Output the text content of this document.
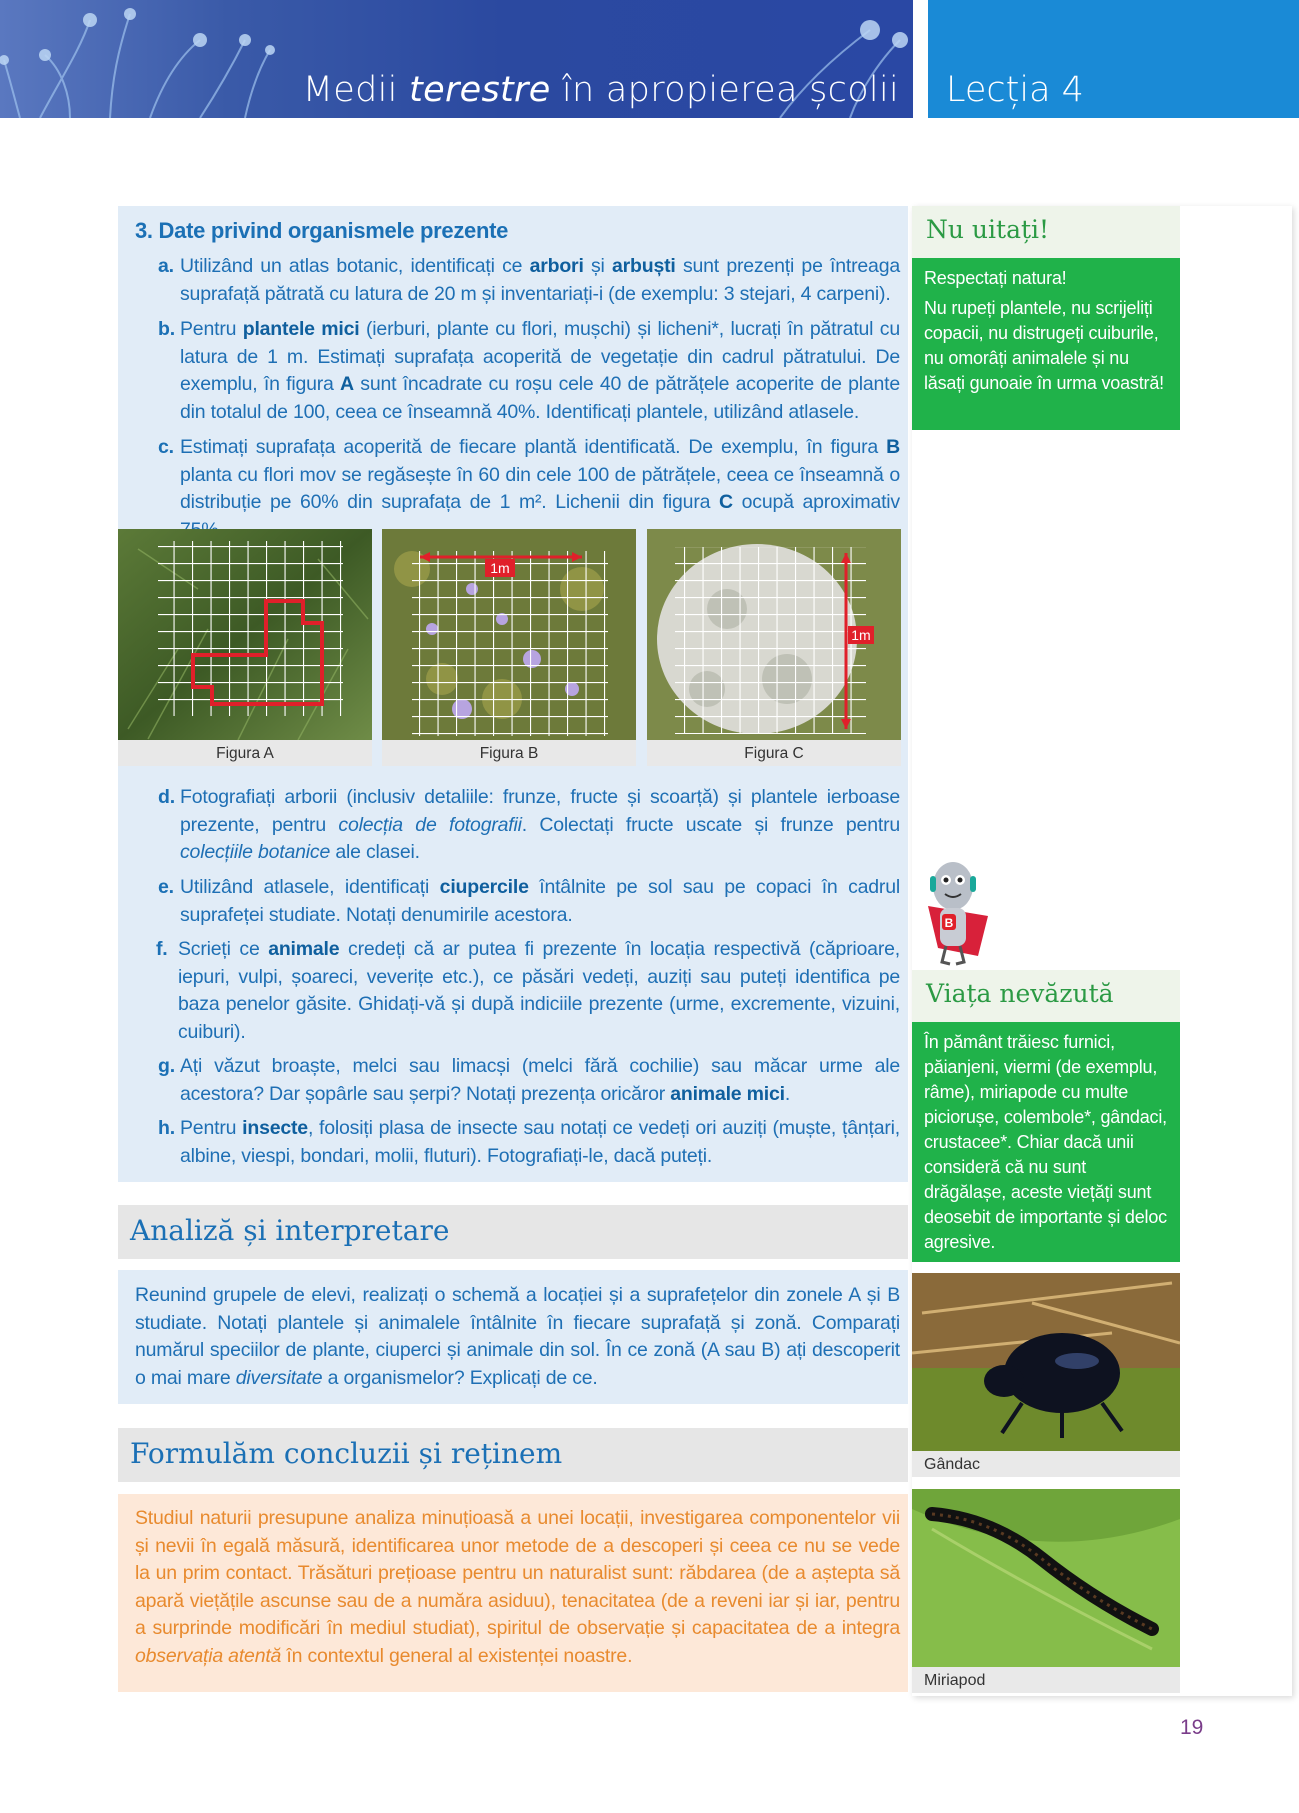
Medii terestre în apropierea școlii	Lecția 4
3. Date privind organismele prezente
a. Utilizând un atlas botanic, identificați ce arbori și arbuști sunt prezenți pe întreaga suprafață pătrată cu latura de 20 m și inventariați-i (de exemplu: 3 stejari, 4 carpeni).
b. Pentru plantele mici (ierburi, plante cu flori, mușchi) și licheni*, lucrați în pătratul cu latura de 1 m. Estimați suprafața acoperită de vegetație din cadrul pătratului. De exemplu, în figura A sunt încadrate cu roșu cele 40 de pătrățele acoperite de plante din totalul de 100, ceea ce înseamnă 40%. Identificați plantele, utilizând atlasele.
c. Estimați suprafața acoperită de fiecare plantă identificată. De exemplu, în figura B planta cu flori mov se regăsește în 60 din cele 100 de pătrățele, ceea ce înseamnă o distribuție pe 60% din suprafața de 1 m². Lichenii din figura C ocupă aproximativ
1m
1m
Figura A	Figura B	Figura C
d. Fotografiați arborii (inclusiv detaliile: frunze, fructe și scoarță) și plantele ierboase prezente, pentru colecția de fotografii. Colectați fructe uscate și frunze pentru colecțiile botanice ale clasei.
e. Utilizând atlasele, identificați ciupercile întâlnite pe sol sau pe copaci în cadrul suprafeței studiate. Notați denumirile acestora.
f. Scrieți ce animale credeți că ar putea fi prezente în locația respectivă (căprioare, iepuri, vulpi, șoareci, veverițe etc.), ce păsări vedeți, auziți sau puteți identifica pe baza penelor găsite. Ghidați-vă și după indiciile prezente (urme, excremente, vizuini, cuiburi).
g. Ați văzut broaște, melci sau limacși (melci fără cochilie) sau măcar urme ale acestora? Dar șopârle sau șerpi? Notați prezența oricăror animale mici.
h. Pentru insecte, folosiți plasa de insecte sau notați ce vedeți ori auziți (muște, țânțari, albine, viespi, bondari, molii, fluturi). Fotografiați-le, dacă puteți.
Analiză și interpretare
Reunind grupele de elevi, realizați o schemă a locației și a suprafețelor din zonele A și B studiate. Notați plantele și animalele întâlnite în fiecare suprafață și zonă. Comparați numărul speciilor de plante, ciuperci și animale din sol. În ce zonă (A sau B) ați descoperit o mai mare diversitate a organismelor? Explicați de ce.
Formulăm concluzii și reținem
Studiul naturii presupune analiza minuțioasă a unei locații, investigarea componentelor vii și nevii în egală măsură, identificarea unor metode de a descoperi și ceea ce nu se vede la un prim contact. Trăsături prețioase pentru un naturalist sunt: răbdarea (de a aștepta să apară viețățile ascunse sau de a număra asiduu), tenacitatea (de a reveni iar și iar, pentru a surprinde modificări în mediul studiat), spiritul de observație și capacitatea de a integra observația atentă în contextul general al existenței noastre.
Nu uitați!
Respectați natura!
Nu rupeți plantele, nu scrijeliți copacii, nu distrugeți cuiburile, nu omorâți animalele și nu lăsați gunoaie în urma voastră!
B
Viața nevăzută
În pământ trăiesc furnici, păianjeni, viermi (de exemplu, râme), miriapode cu multe piciorușe, colembole*, gândaci, crustacee*. Chiar dacă unii consideră că nu sunt drăgălașe, aceste viețăți sunt deosebit de importante și deloc agresive.
Gândac
Miriapod
19
